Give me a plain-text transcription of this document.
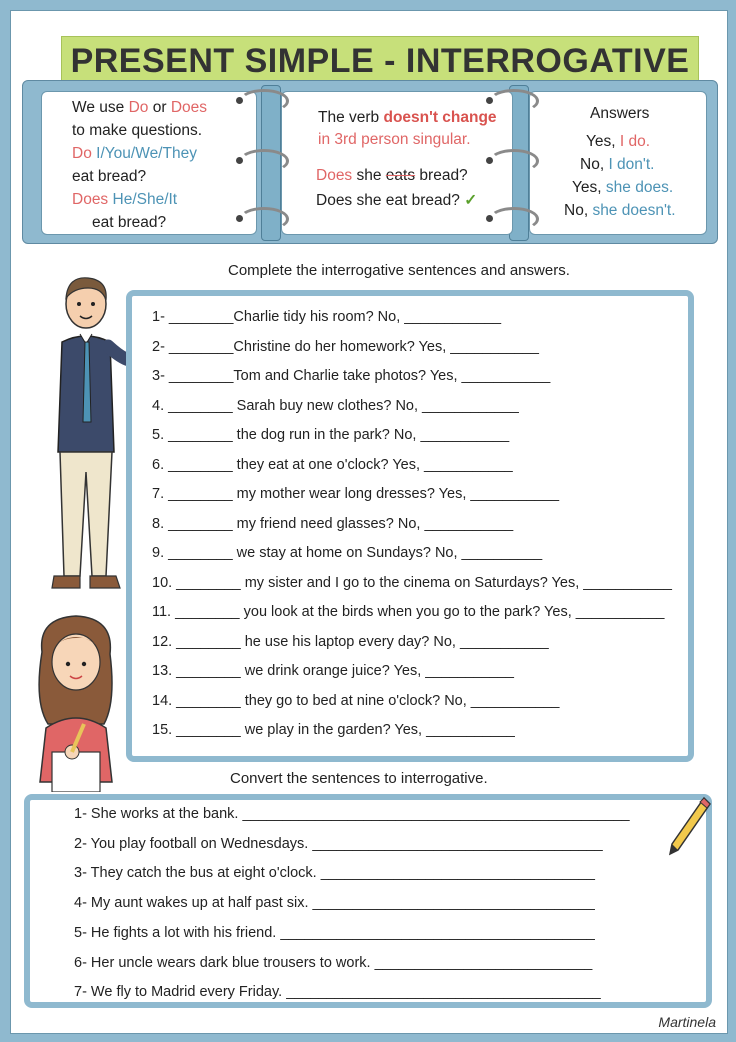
PRESENT SIMPLE - INTERROGATIVE
We use Do or Does
to make questions.
Do I/You/We/They
eat bread?
Does He/She/It
eat bread?
The verb doesn't change
in 3rd person singular.
Does she eats bread?
Does she eat bread? ✓
Answers
Yes, I do.
No, I don't.
Yes, she does.
No, she doesn't.
Complete the interrogative sentences and answers.
1- ________Charlie tidy his room? No, ____________
2- ________Christine do her homework? Yes, ___________
3- ________Tom and Charlie take photos? Yes, ___________
4. ________ Sarah buy new clothes? No, ____________
5. ________ the dog run in the park? No, ___________
6. ________ they eat at one o'clock? Yes, ___________
7. ________ my mother wear long dresses? Yes, ___________
8. ________ my friend need glasses? No, ___________
9. ________ we stay at home on Sundays? No, __________
10. ________ my sister and I go to the cinema on Saturdays? Yes, ___________
11. ________ you look at the birds when you go to the park? Yes, ___________
12. ________ he use his laptop every day? No, ___________
13. ________ we drink orange juice? Yes, ___________
14. ________ they go to bed at nine o'clock? No, ___________
15. ________ we play in the garden? Yes, ___________
Convert the sentences to interrogative.
1- She works at the bank. ________________________________________________
2- You play football on Wednesdays. ____________________________________
3- They catch the bus at eight o'clock. __________________________________
4- My aunt wakes up at half past six. ___________________________________
5- He fights a lot with his friend. _______________________________________
6- Her uncle wears dark blue trousers to work. ___________________________
7- We fly to Madrid every Friday. _______________________________________
Martinela
